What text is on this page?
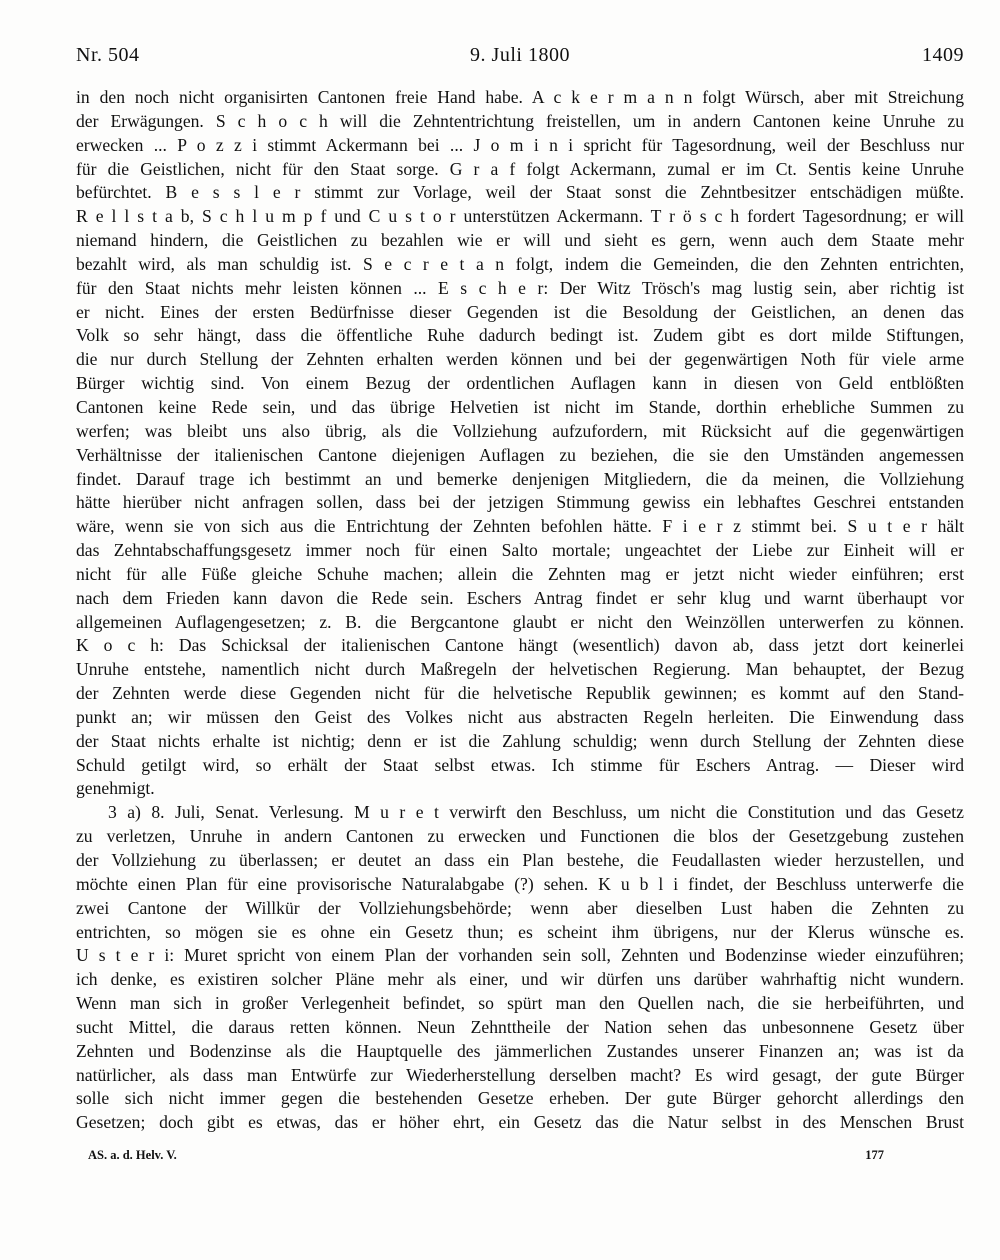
Nr. 504	9. Juli 1800	1409
in den noch nicht organisirten Cantonen freie Hand habe. A c k e r m a n n folgt Würsch, aber mit Streichung
der Erwägungen. S c h o c h will die Zehntentrichtung freistellen, um in andern Cantonen keine Unruhe zu
erwecken ... P o z z i stimmt Ackermann bei ... J o m i n i spricht für Tagesordnung, weil der Beschluss nur
für die Geistlichen, nicht für den Staat sorge. G r a f folgt Ackermann, zumal er im Ct. Sentis keine Unruhe
befürchtet. B e s s l e r stimmt zur Vorlage, weil der Staat sonst die Zehntbesitzer entschädigen müßte.
R e l l s t a b, S c h l u m p f und C u s t o r unterstützen Ackermann. T r ö s c h fordert Tagesordnung; er will
niemand hindern, die Geistlichen zu bezahlen wie er will und sieht es gern, wenn auch dem Staate mehr
bezahlt wird, als man schuldig ist. S e c r e t a n folgt, indem die Gemeinden, die den Zehnten entrichten,
für den Staat nichts mehr leisten können ... E s c h e r: Der Witz Trösch's mag lustig sein, aber richtig ist
er nicht. Eines der ersten Bedürfnisse dieser Gegenden ist die Besoldung der Geistlichen, an denen das
Volk so sehr hängt, dass die öffentliche Ruhe dadurch bedingt ist. Zudem gibt es dort milde Stiftungen,
die nur durch Stellung der Zehnten erhalten werden können und bei der gegenwärtigen Noth für viele arme
Bürger wichtig sind. Von einem Bezug der ordentlichen Auflagen kann in diesen von Geld entblößten
Cantonen keine Rede sein, und das übrige Helvetien ist nicht im Stande, dorthin erhebliche Summen zu
werfen; was bleibt uns also übrig, als die Vollziehung aufzufordern, mit Rücksicht auf die gegenwärtigen
Verhältnisse der italienischen Cantone diejenigen Auflagen zu beziehen, die sie den Umständen angemessen
findet. Darauf trage ich bestimmt an und bemerke denjenigen Mitgliedern, die da meinen, die Vollziehung
hätte hierüber nicht anfragen sollen, dass bei der jetzigen Stimmung gewiss ein lebhaftes Geschrei entstanden
wäre, wenn sie von sich aus die Entrichtung der Zehnten befohlen hätte. F i e r z stimmt bei. S u t e r hält
das Zehntabschaffungsgesetz immer noch für einen Salto mortale; ungeachtet der Liebe zur Einheit will er
nicht für alle Füße gleiche Schuhe machen; allein die Zehnten mag er jetzt nicht wieder einführen; erst
nach dem Frieden kann davon die Rede sein. Eschers Antrag findet er sehr klug und warnt überhaupt vor
allgemeinen Auflagengesetzen; z. B. die Bergcantone glaubt er nicht den Weinzöllen unterwerfen zu können.
K o c h: Das Schicksal der italienischen Cantone hängt (wesentlich) davon ab, dass jetzt dort keinerlei
Unruhe entstehe, namentlich nicht durch Maßregeln der helvetischen Regierung. Man behauptet, der Bezug
der Zehnten werde diese Gegenden nicht für die helvetische Republik gewinnen; es kommt auf den Stand-
punkt an; wir müssen den Geist des Volkes nicht aus abstracten Regeln herleiten. Die Einwendung dass
der Staat nichts erhalte ist nichtig; denn er ist die Zahlung schuldig; wenn durch Stellung der Zehnten diese
Schuld getilgt wird, so erhält der Staat selbst etwas. Ich stimme für Eschers Antrag. — Dieser wird
genehmigt.
3 a) 8. Juli, Senat. Verlesung. M u r e t verwirft den Beschluss, um nicht die Constitution und das Gesetz
zu verletzen, Unruhe in andern Cantonen zu erwecken und Functionen die blos der Gesetzgebung zustehen
der Vollziehung zu überlassen; er deutet an dass ein Plan bestehe, die Feudallasten wieder herzustellen, und
möchte einen Plan für eine provisorische Naturalabgabe (?) sehen. K u b l i findet, der Beschluss unterwerfe die
zwei Cantone der Willkür der Vollziehungsbehörde; wenn aber dieselben Lust haben die Zehnten zu
entrichten, so mögen sie es ohne ein Gesetz thun; es scheint ihm übrigens, nur der Klerus wünsche es.
U s t e r i: Muret spricht von einem Plan der vorhanden sein soll, Zehnten und Bodenzinse wieder einzuführen;
ich denke, es existiren solcher Pläne mehr als einer, und wir dürfen uns darüber wahrhaftig nicht wundern.
Wenn man sich in großer Verlegenheit befindet, so spürt man den Quellen nach, die sie herbeiführten, und
sucht Mittel, die daraus retten können. Neun Zehnttheile der Nation sehen das unbesonnene Gesetz über
Zehnten und Bodenzinse als die Hauptquelle des jämmerlichen Zustandes unserer Finanzen an; was ist da
natürlicher, als dass man Entwürfe zur Wiederherstellung derselben macht? Es wird gesagt, der gute Bürger
solle sich nicht immer gegen die bestehenden Gesetze erheben. Der gute Bürger gehorcht allerdings den
Gesetzen; doch gibt es etwas, das er höher ehrt, ein Gesetz das die Natur selbst in des Menschen Brust
AS. a. d. Helv. V.	177
